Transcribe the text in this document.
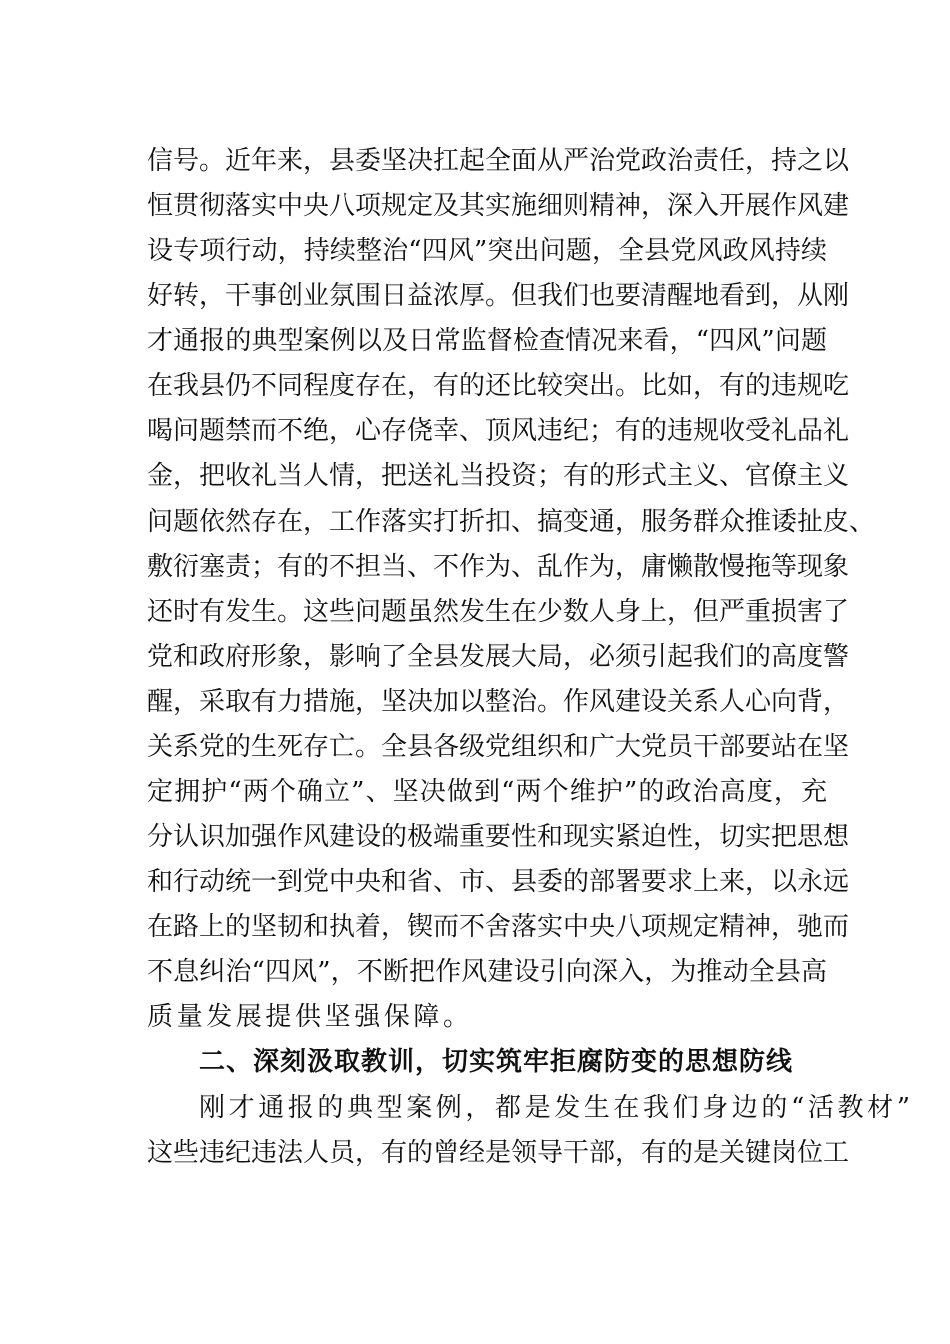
信号。近年来，县委坚决扛起全面从严治党政治责任，持之以
恒贯彻落实中央八项规定及其实施细则精神，深入开展作风建
设专项行动，持续整治“四风”突出问题，全县党风政风持续
好转，干事创业氛围日益浓厚。但我们也要清醒地看到，从刚
才通报的典型案例以及日常监督检查情况来看，“四风”问题
在我县仍不同程度存在，有的还比较突出。比如，有的违规吃
喝问题禁而不绝，心存侥幸、顶风违纪；有的违规收受礼品礼
金，把收礼当人情，把送礼当投资；有的形式主义、官僚主义
问题依然存在，工作落实打折扣、搞变通，服务群众推诿扯皮、
敷衍塞责；有的不担当、不作为、乱作为，庸懒散慢拖等现象
还时有发生。这些问题虽然发生在少数人身上，但严重损害了
党和政府形象，影响了全县发展大局，必须引起我们的高度警
醒，采取有力措施，坚决加以整治。作风建设关系人心向背，
关系党的生死存亡。全县各级党组织和广大党员干部要站在坚
定拥护“两个确立”、坚决做到“两个维护”的政治高度，充
分认识加强作风建设的极端重要性和现实紧迫性，切实把思想
和行动统一到党中央和省、市、县委的部署要求上来，以永远
在路上的坚韧和执着，锲而不舍落实中央八项规定精神，驰而
不息纠治“四风”，不断把作风建设引向深入，为推动全县高
质量发展提供坚强保障。
二、深刻汲取教训，切实筑牢拒腐防变的思想防线
刚才通报的典型案例，都是发生在我们身边的“活教材”
这些违纪违法人员，有的曾经是领导干部，有的是关键岗位工
